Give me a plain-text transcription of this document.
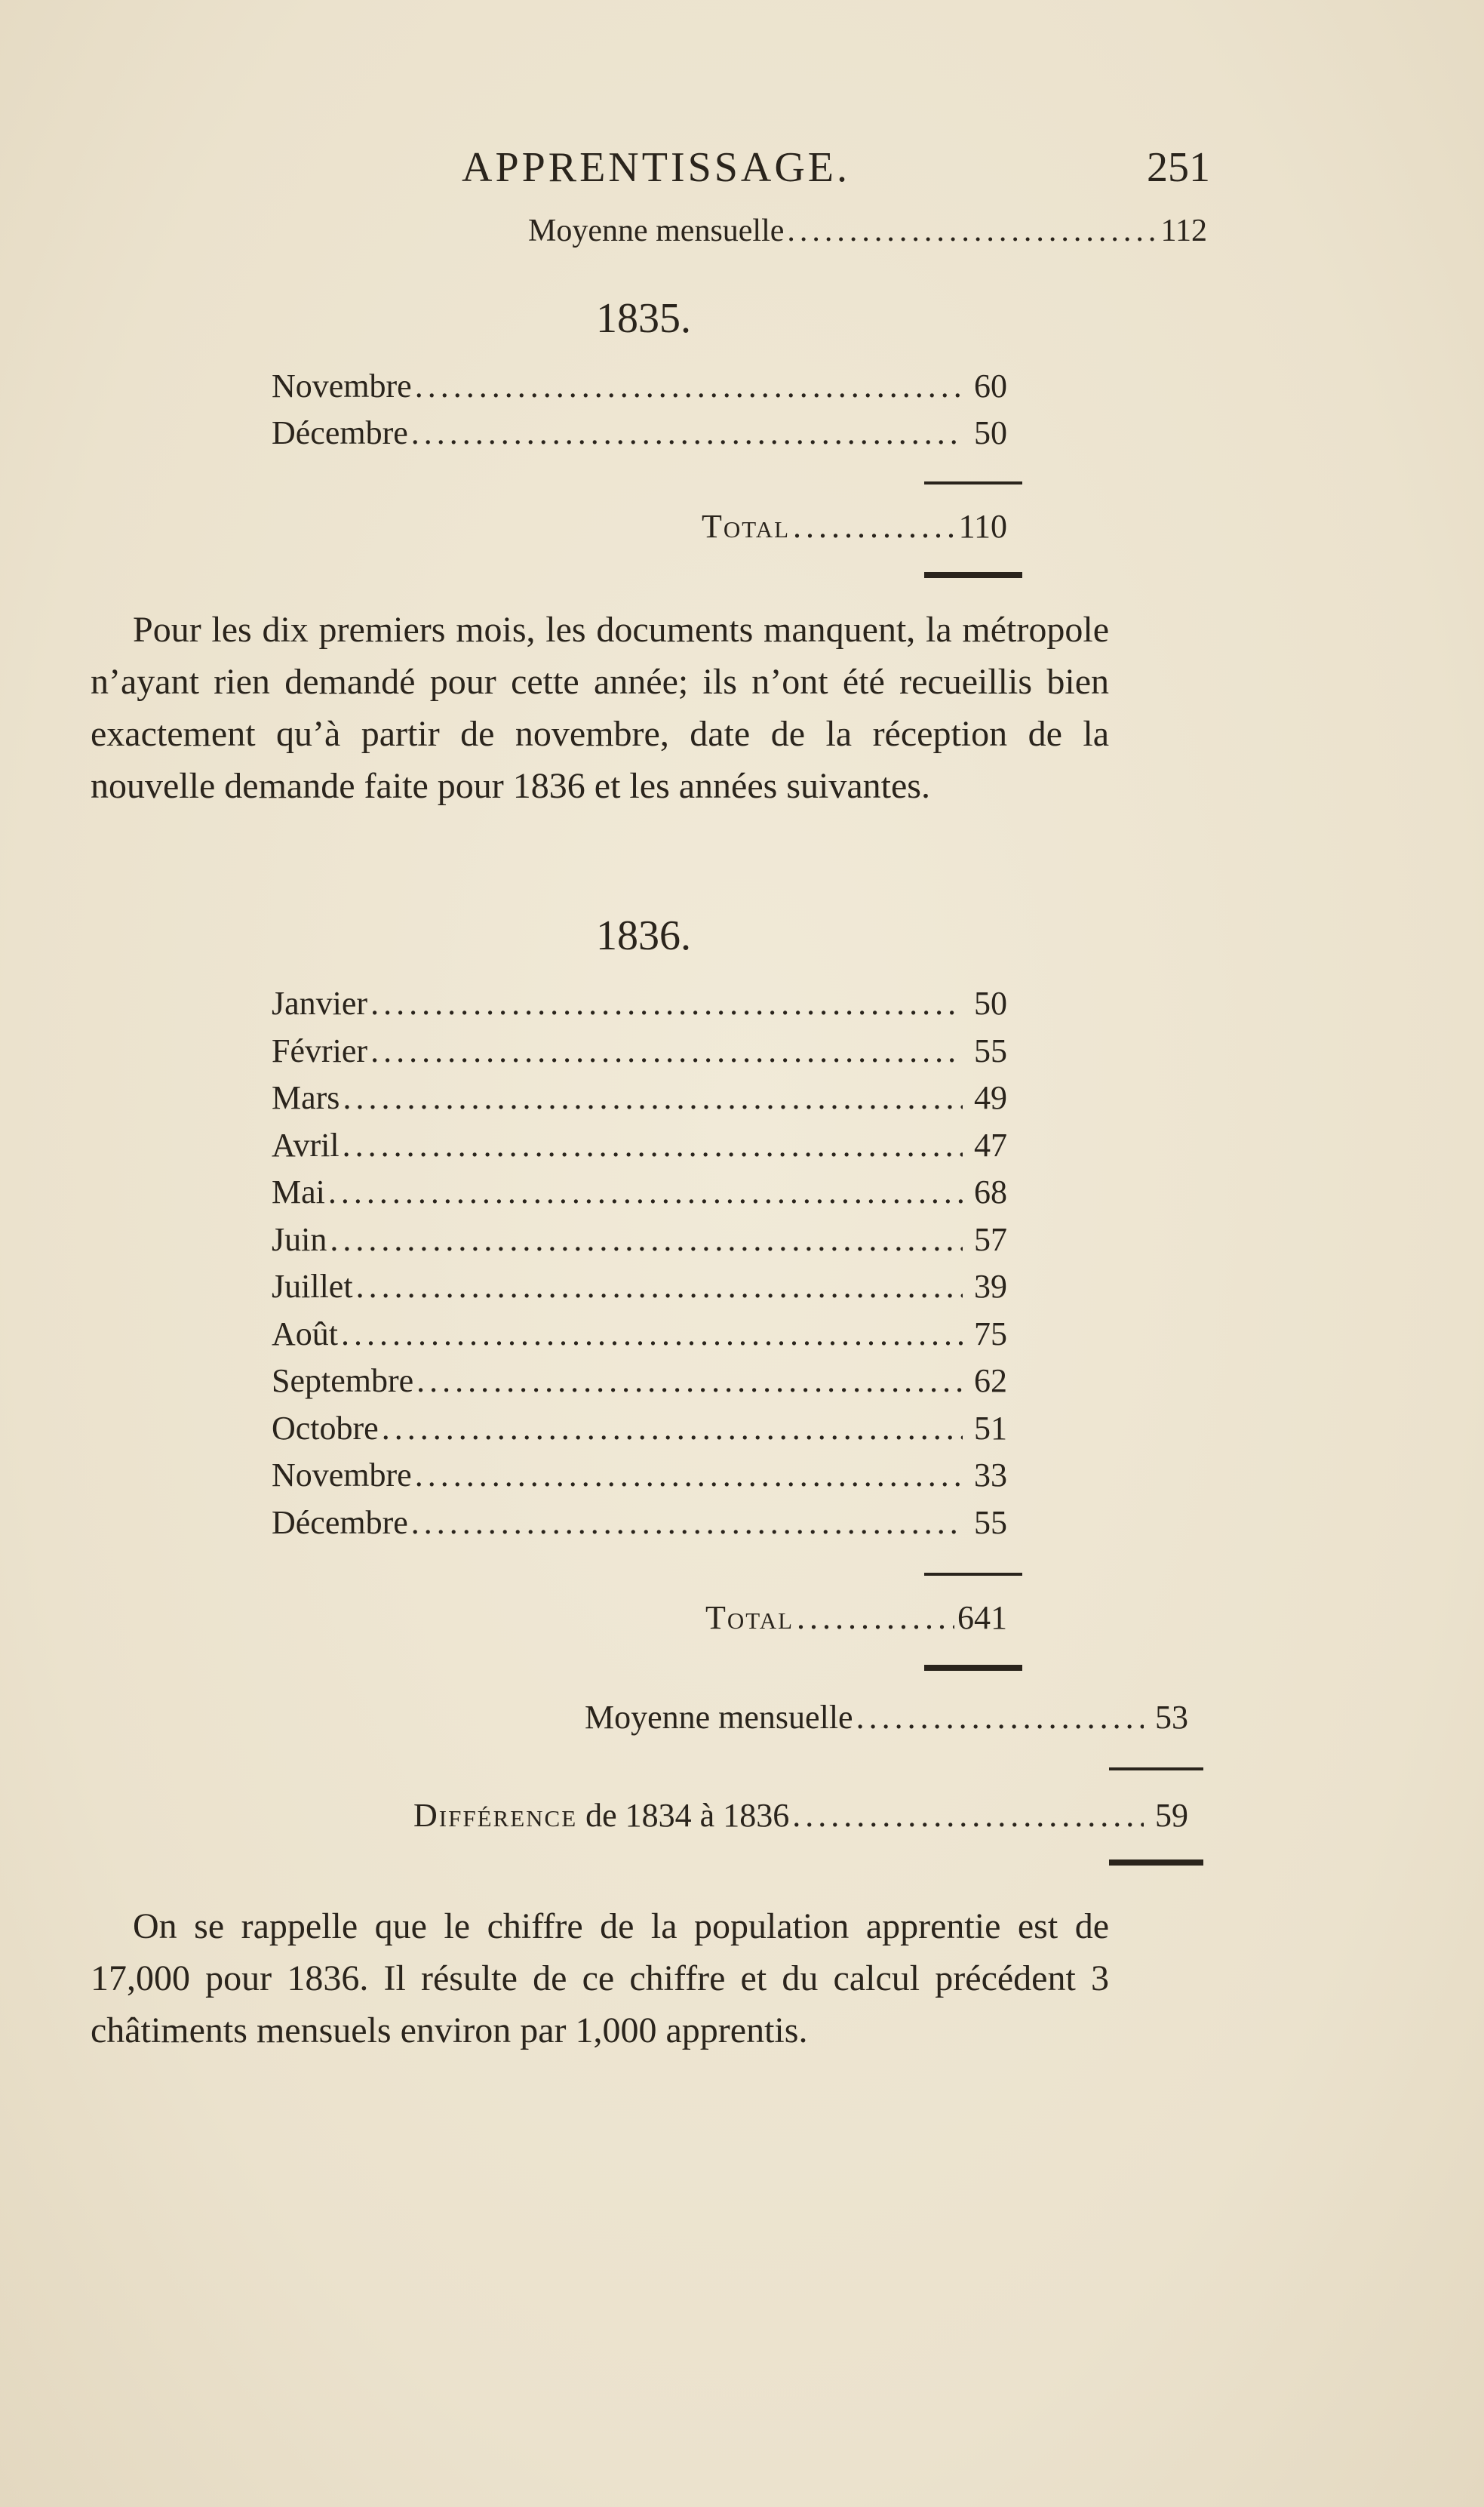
APPRENTISSAGE.	251
Moyenne mensuelle .....	112
1835.
Novembre .....	60
Décembre .....	50
Total .....	110

Pour les dix premiers mois, les documents manquent, la métropole n’ayant rien demandé pour cette année; ils n’ont été recueillis bien exactement qu’à partir de novembre, date de la réception de la nouvelle demande faite pour 1836 et les années suivantes.

1836.
Janvier .....	50
Février .....	55
Mars .....	49
Avril .....	47
Mai .....	68
Juin .....	57
Juillet .....	39
Août .....	75
Septembre .....	62
Octobre .....	51
Novembre .....	33
Décembre .....	55
Total .....	641
Moyenne mensuelle .....	53
Différence de 1834 à 1836 .....	59

On se rappelle que le chiffre de la population apprentie est de 17,000 pour 1836. Il résulte de ce chiffre et du calcul précédent 3 châtiments mensuels environ par 1,000 apprentis.
